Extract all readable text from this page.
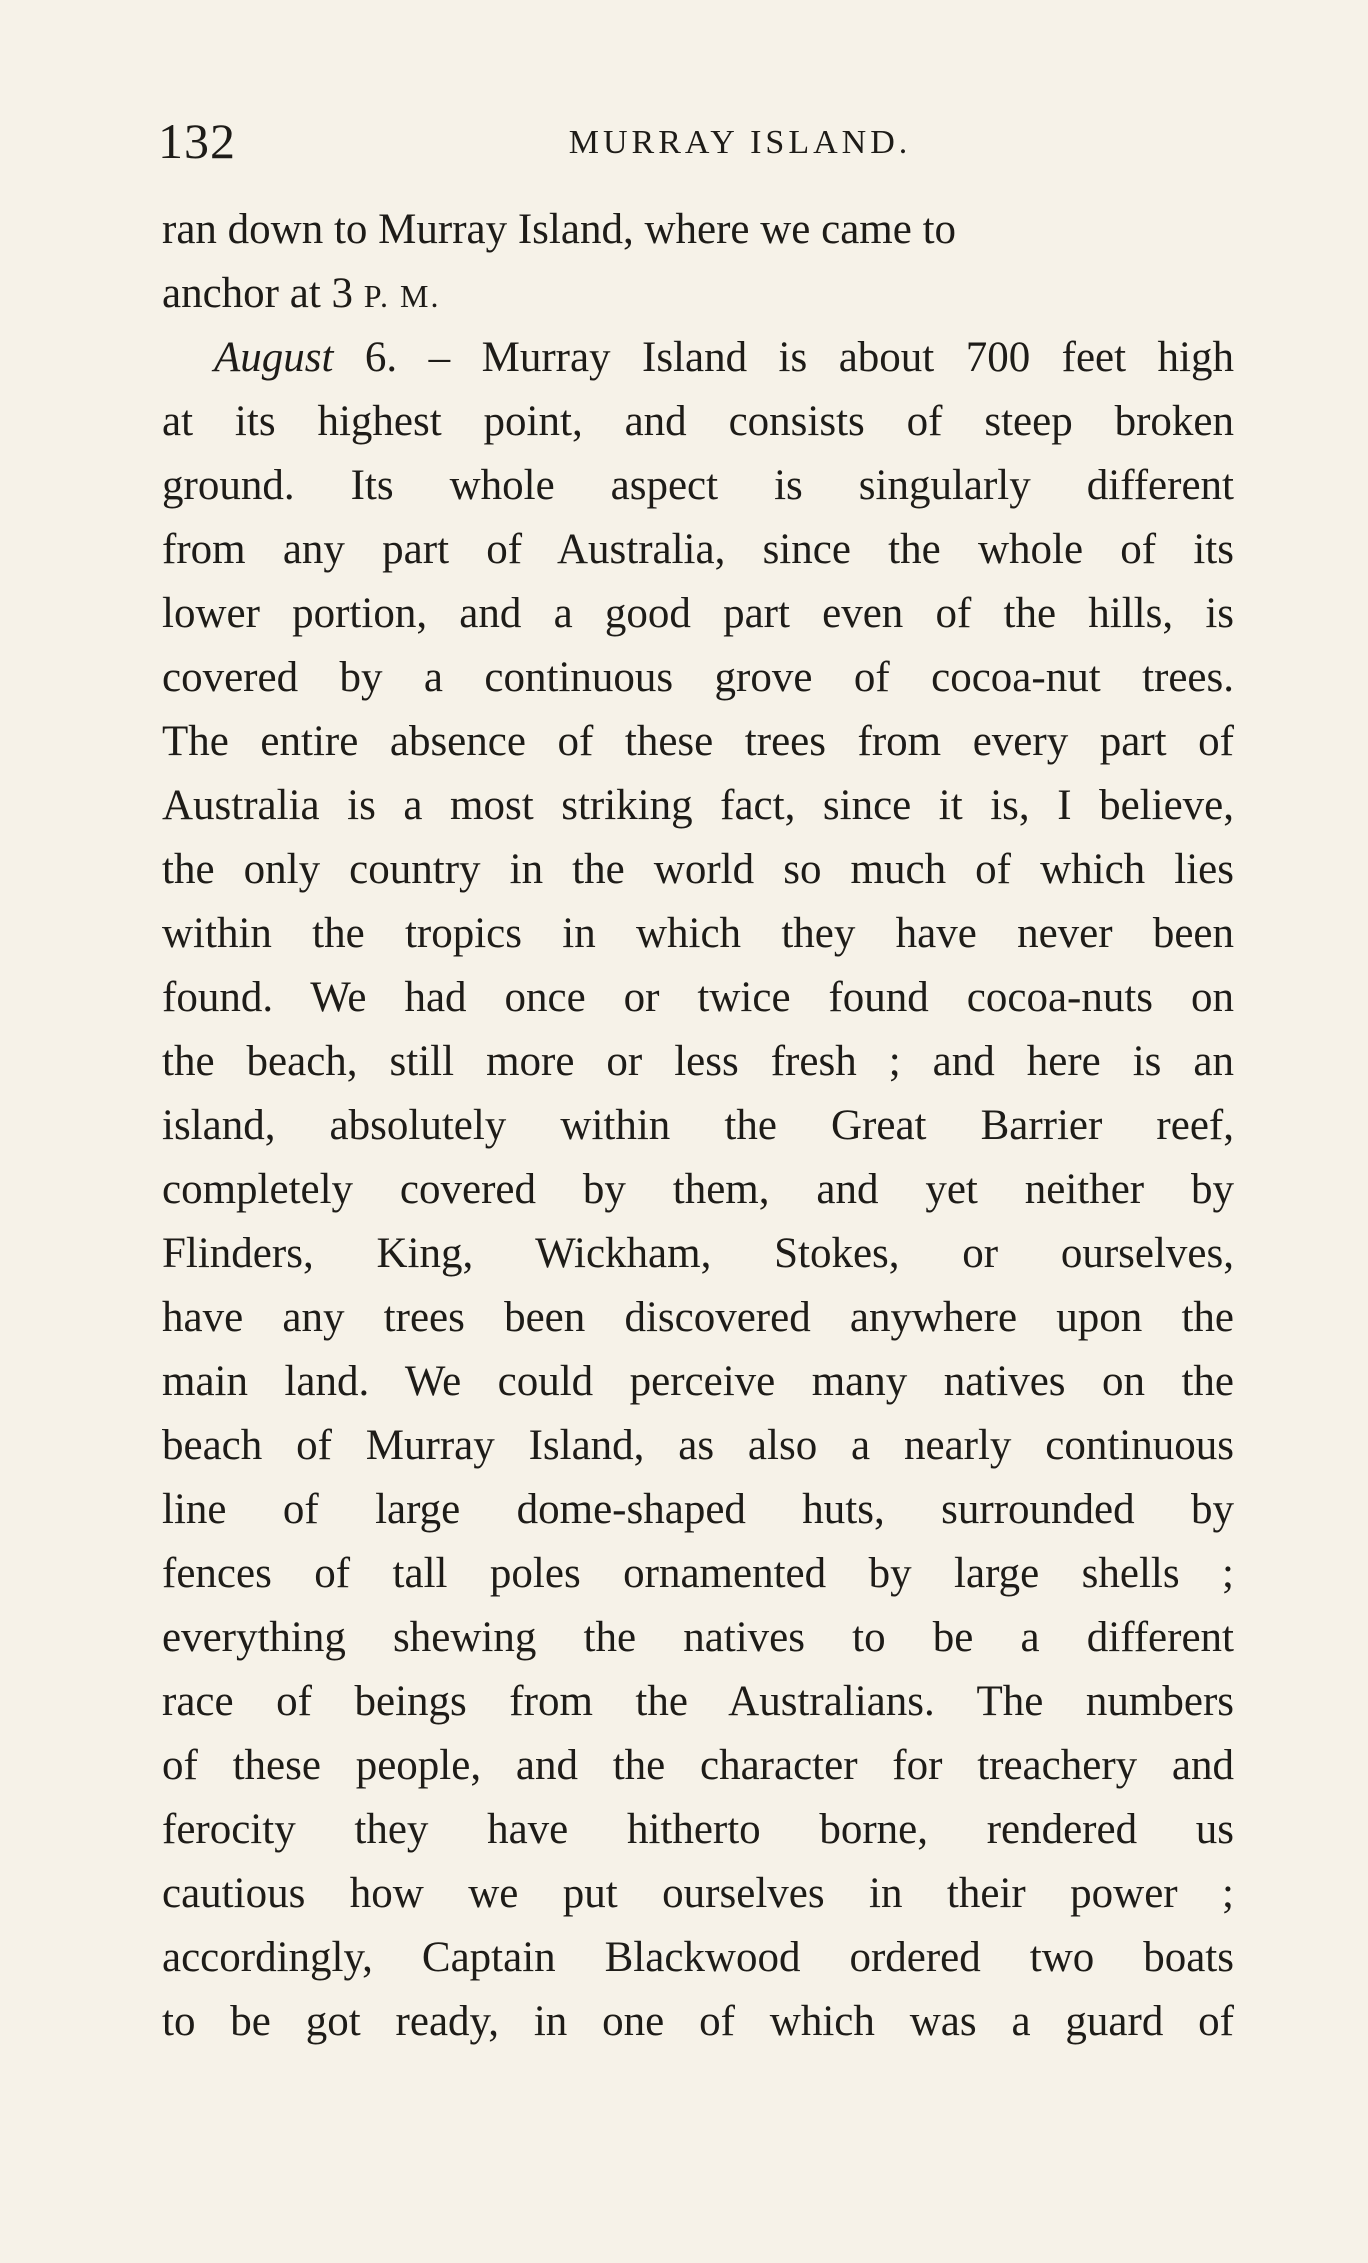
132	MURRAY ISLAND.
ran down to Murray Island, where we came to
anchor at 3 P. M.
August 6. – Murray Island is about 700 feet high
at its highest point, and consists of steep broken
ground. Its whole aspect is singularly different
from any part of Australia, since the whole of its
lower portion, and a good part even of the hills, is
covered by a continuous grove of cocoa-nut trees.
The entire absence of these trees from every part of
Australia is a most striking fact, since it is, I believe,
the only country in the world so much of which lies
within the tropics in which they have never been
found. We had once or twice found cocoa-nuts on
the beach, still more or less fresh ; and here is an
island, absolutely within the Great Barrier reef,
completely covered by them, and yet neither by
Flinders, King, Wickham, Stokes, or ourselves,
have any trees been discovered anywhere upon the
main land. We could perceive many natives on the
beach of Murray Island, as also a nearly continuous
line of large dome-shaped huts, surrounded by
fences of tall poles ornamented by large shells ;
everything shewing the natives to be a different
race of beings from the Australians. The numbers
of these people, and the character for treachery and
ferocity they have hitherto borne, rendered us
cautious how we put ourselves in their power ;
accordingly, Captain Blackwood ordered two boats
to be got ready, in one of which was a guard of
